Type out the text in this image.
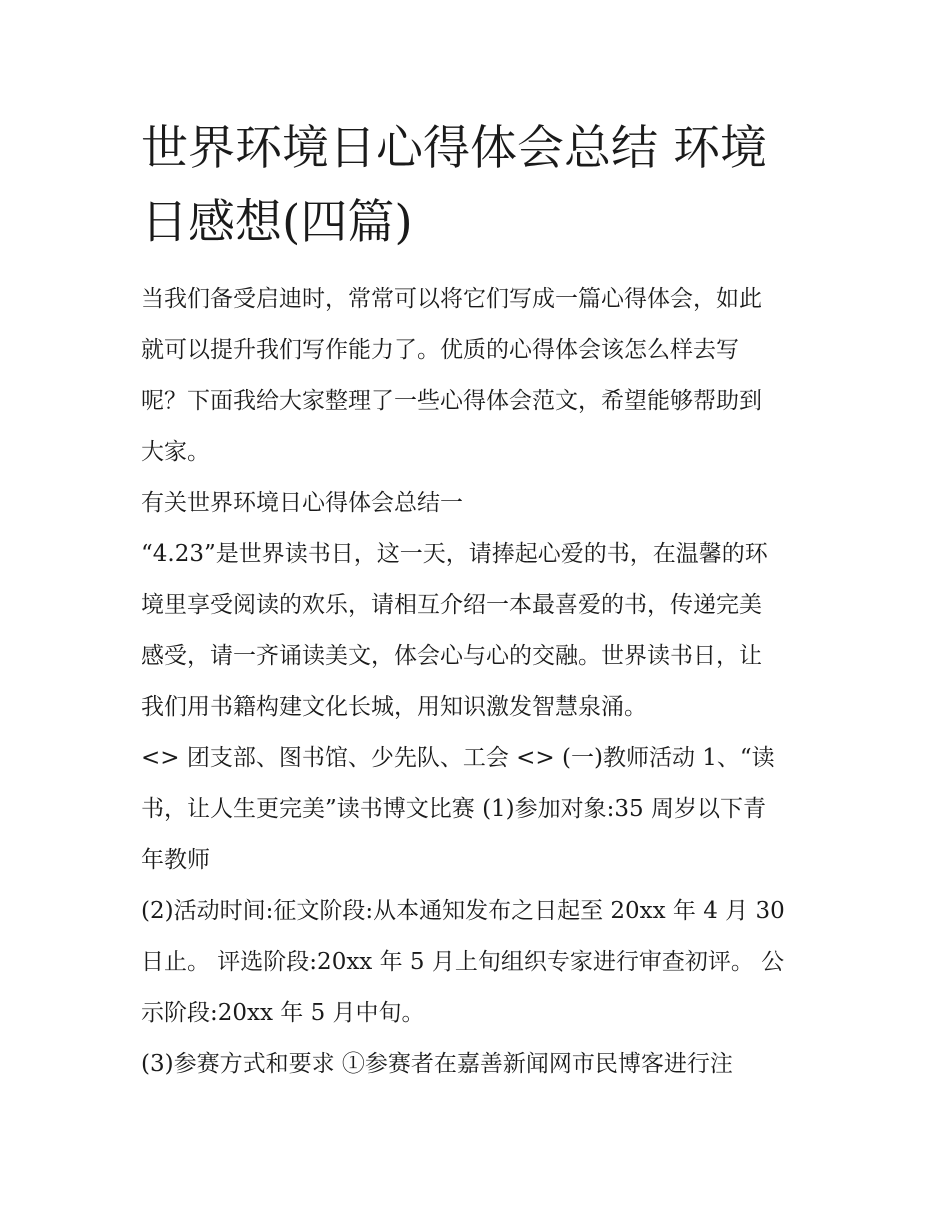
世界环境日心得体会总结 环境
日感想(四篇)

当我们备受启迪时，常常可以将它们写成一篇心得体会，如此
就可以提升我们写作能力了。优质的心得体会该怎么样去写
呢？下面我给大家整理了一些心得体会范文，希望能够帮助到
大家。

有关世界环境日心得体会总结一

“4.23”是世界读书日，这一天，请捧起心爱的书，在温馨的环
境里享受阅读的欢乐，请相互介绍一本最喜爱的书，传递完美
感受，请一齐诵读美文，体会心与心的交融。世界读书日，让
我们用书籍构建文化长城，用知识激发智慧泉涌。

<> 团支部、图书馆、少先队、工会 <> (一)教师活动 1、“读
书，让人生更完美”读书博文比赛 (1)参加对象:35 周岁以下青
年教师

(2)活动时间:征文阶段:从本通知发布之日起至 20xx 年 4 月 30
日止。 评选阶段:20xx 年 5 月上旬组织专家进行审查初评。 公
示阶段:20xx 年 5 月中旬。

(3)参赛方式和要求 ①参赛者在嘉善新闻网市民博客进行注
